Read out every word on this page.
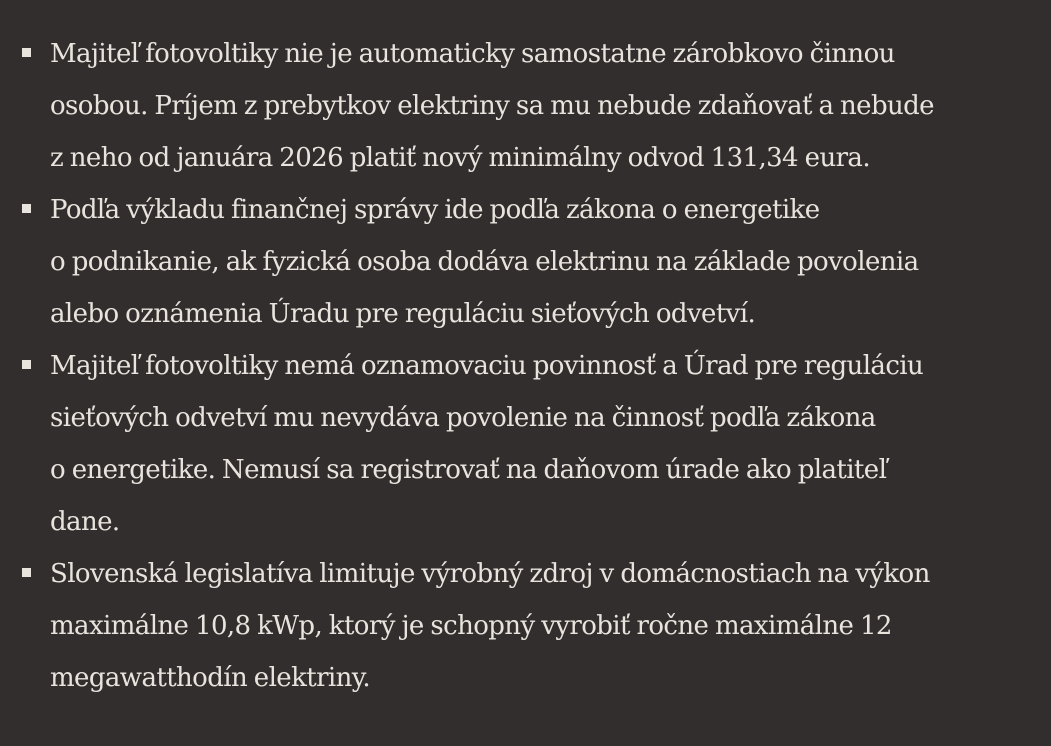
Majiteľ fotovoltiky nie je automaticky samostatne zárobkovo činnou
osobou. Príjem z prebytkov elektriny sa mu nebude zdaňovať a nebude
z neho od januára 2026 platiť nový minimálny odvod 131,34 eura.
Podľa výkladu finančnej správy ide podľa zákona o energetike
o podnikanie, ak fyzická osoba dodáva elektrinu na základe povolenia
alebo oznámenia Úradu pre reguláciu sieťových odvetví.
Majiteľ fotovoltiky nemá oznamovaciu povinnosť a Úrad pre reguláciu
sieťových odvetví mu nevydáva povolenie na činnosť podľa zákona
o energetike. Nemusí sa registrovať na daňovom úrade ako platiteľ
dane.
Slovenská legislatíva limituje výrobný zdroj v domácnostiach na výkon
maximálne 10,8 kWp, ktorý je schopný vyrobiť ročne maximálne 12
megawatthodín elektriny.
